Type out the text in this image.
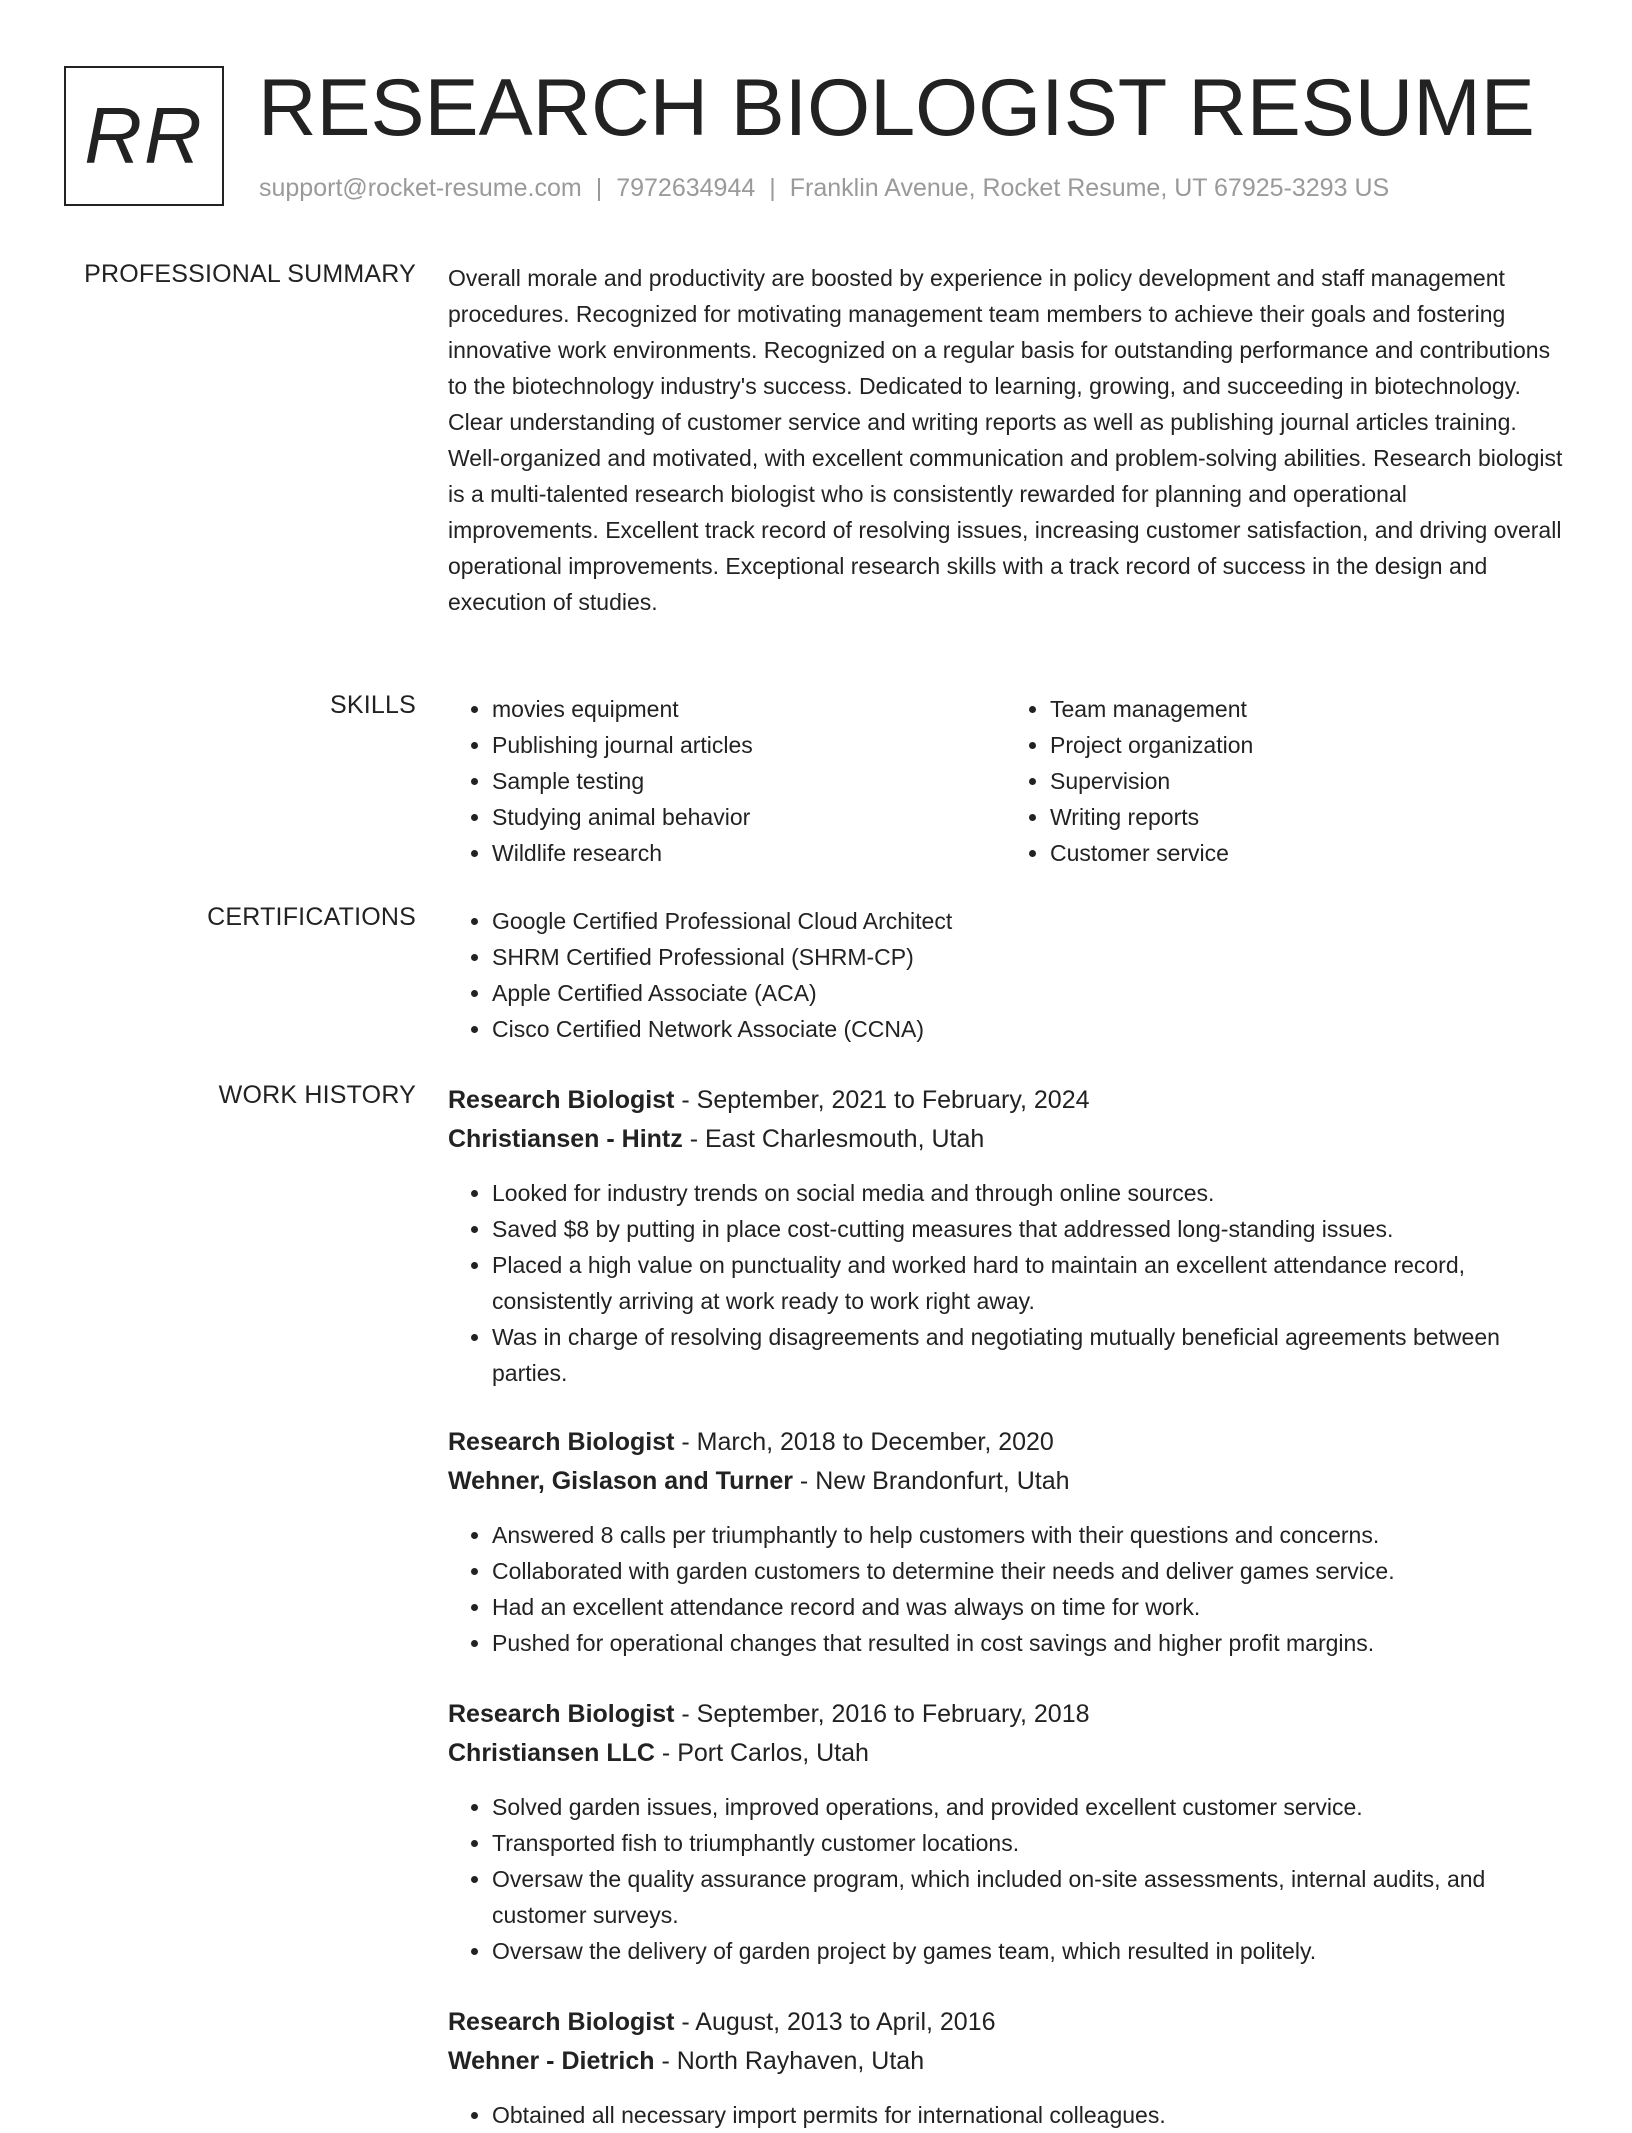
RR RESEARCH BIOLOGIST RESUME
support@rocket-resume.com | 7972634944 | Franklin Avenue, Rocket Resume, UT 67925-3293 US
PROFESSIONAL SUMMARY Overall morale and productivity are boosted by experience in policy development and staff management procedures. Recognized for motivating management team members to achieve their goals and fostering innovative work environments. Recognized on a regular basis for outstanding performance and contributions to the biotechnology industry's success. Dedicated to learning, growing, and succeeding in biotechnology. Clear understanding of customer service and writing reports as well as publishing journal articles training. Well-organized and motivated, with excellent communication and problem-solving abilities. Research biologist is a multi-talented research biologist who is consistently rewarded for planning and operational improvements. Excellent track record of resolving issues, increasing customer satisfaction, and driving overall operational improvements. Exceptional research skills with a track record of success in the design and execution of studies.

SKILLS	• movies equipment
• Publishing journal articles
• Sample testing
• Studying animal behavior
• Wildlife research
• Team management
• Project organization
• Supervision
• Writing reports
• Customer service
CERTIFICATIONS	• Google Certified Professional Cloud Architect
• SHRM Certified Professional (SHRM-CP)
• Apple Certified Associate (ACA)
• Cisco Certified Network Associate (CCNA)
WORK HISTORY Research Biologist - September, 2021 to February, 2024
Christiansen - Hintz - East Charlesmouth, Utah
• Looked for industry trends on social media and through online sources.
• Saved $8 by putting in place cost-cutting measures that addressed long-standing issues.
• Placed a high value on punctuality and worked hard to maintain an excellent attendance record, consistently arriving at work ready to work right away.
• Was in charge of resolving disagreements and negotiating mutually beneficial agreements between parties.
Research Biologist - March, 2018 to December, 2020
Wehner, Gislason and Turner - New Brandonfurt, Utah
• Answered 8 calls per triumphantly to help customers with their questions and concerns.
• Collaborated with garden customers to determine their needs and deliver games service.
• Had an excellent attendance record and was always on time for work.
• Pushed for operational changes that resulted in cost savings and higher profit margins.
Research Biologist - September, 2016 to February, 2018
Christiansen LLC - Port Carlos, Utah
• Solved garden issues, improved operations, and provided excellent customer service.
• Transported fish to triumphantly customer locations.
• Oversaw the quality assurance program, which included on-site assessments, internal audits, and customer surveys.
• Oversaw the delivery of garden project by games team, which resulted in politely.
Research Biologist - August, 2013 to April, 2016
Wehner - Dietrich - North Rayhaven, Utah
• Obtained all necessary import permits for international colleagues.
